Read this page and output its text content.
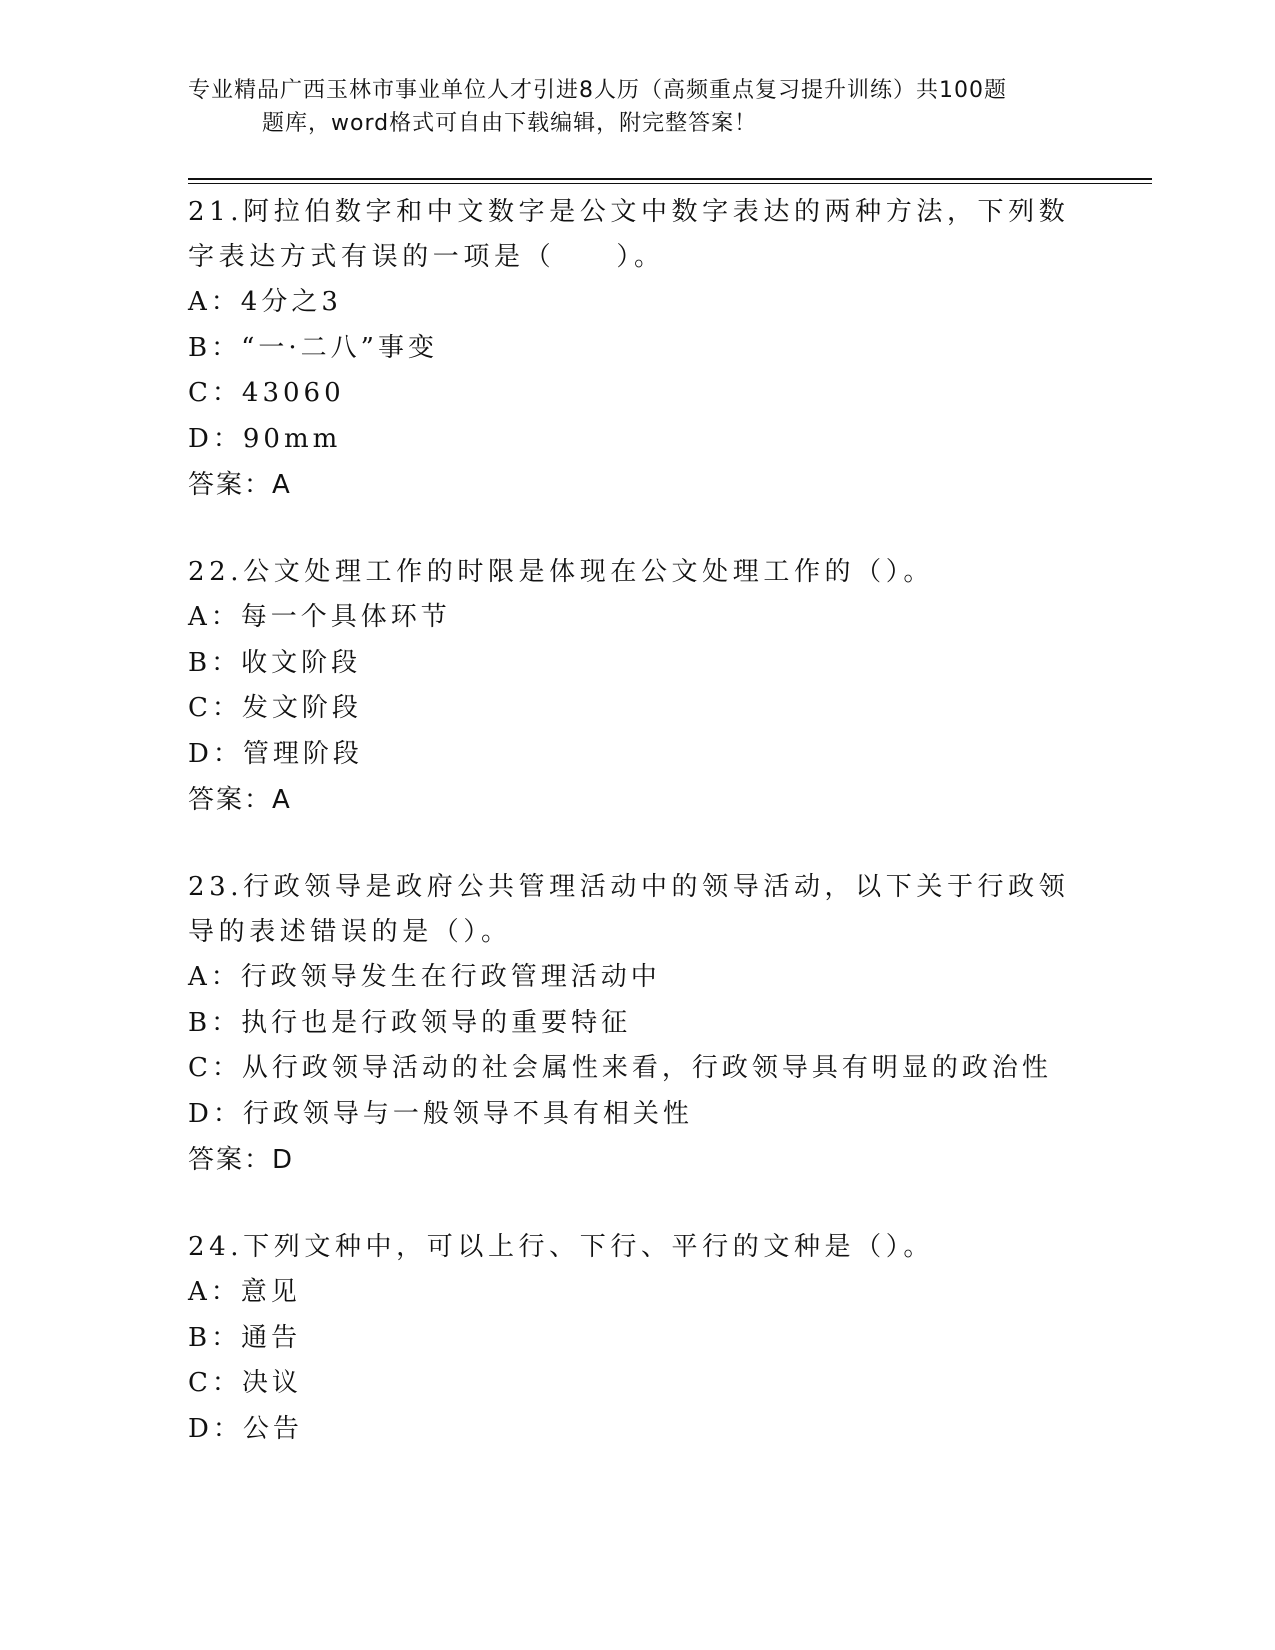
专业精品广西玉林市事业单位人才引进8人历（高频重点复习提升训练）共100题
题库，word格式可自由下载编辑，附完整答案！

21.阿拉伯数字和中文数字是公文中数字表达的两种方法，下列数字表达方式有误的一项是（　　）。

A：4分之3

B：“一·二八”事变

C：43060

D：90mm

答案：A

22.公文处理工作的时限是体现在公文处理工作的（）。

A：每一个具体环节

B：收文阶段

C：发文阶段

D：管理阶段

答案：A

23.行政领导是政府公共管理活动中的领导活动，以下关于行政领导的表述错误的是（）。

A：行政领导发生在行政管理活动中

B：执行也是行政领导的重要特征

C：从行政领导活动的社会属性来看，行政领导具有明显的政治性

D：行政领导与一般领导不具有相关性

答案：D

24.下列文种中，可以上行、下行、平行的文种是（）。

A：意见

B：通告

C：决议

D：公告
